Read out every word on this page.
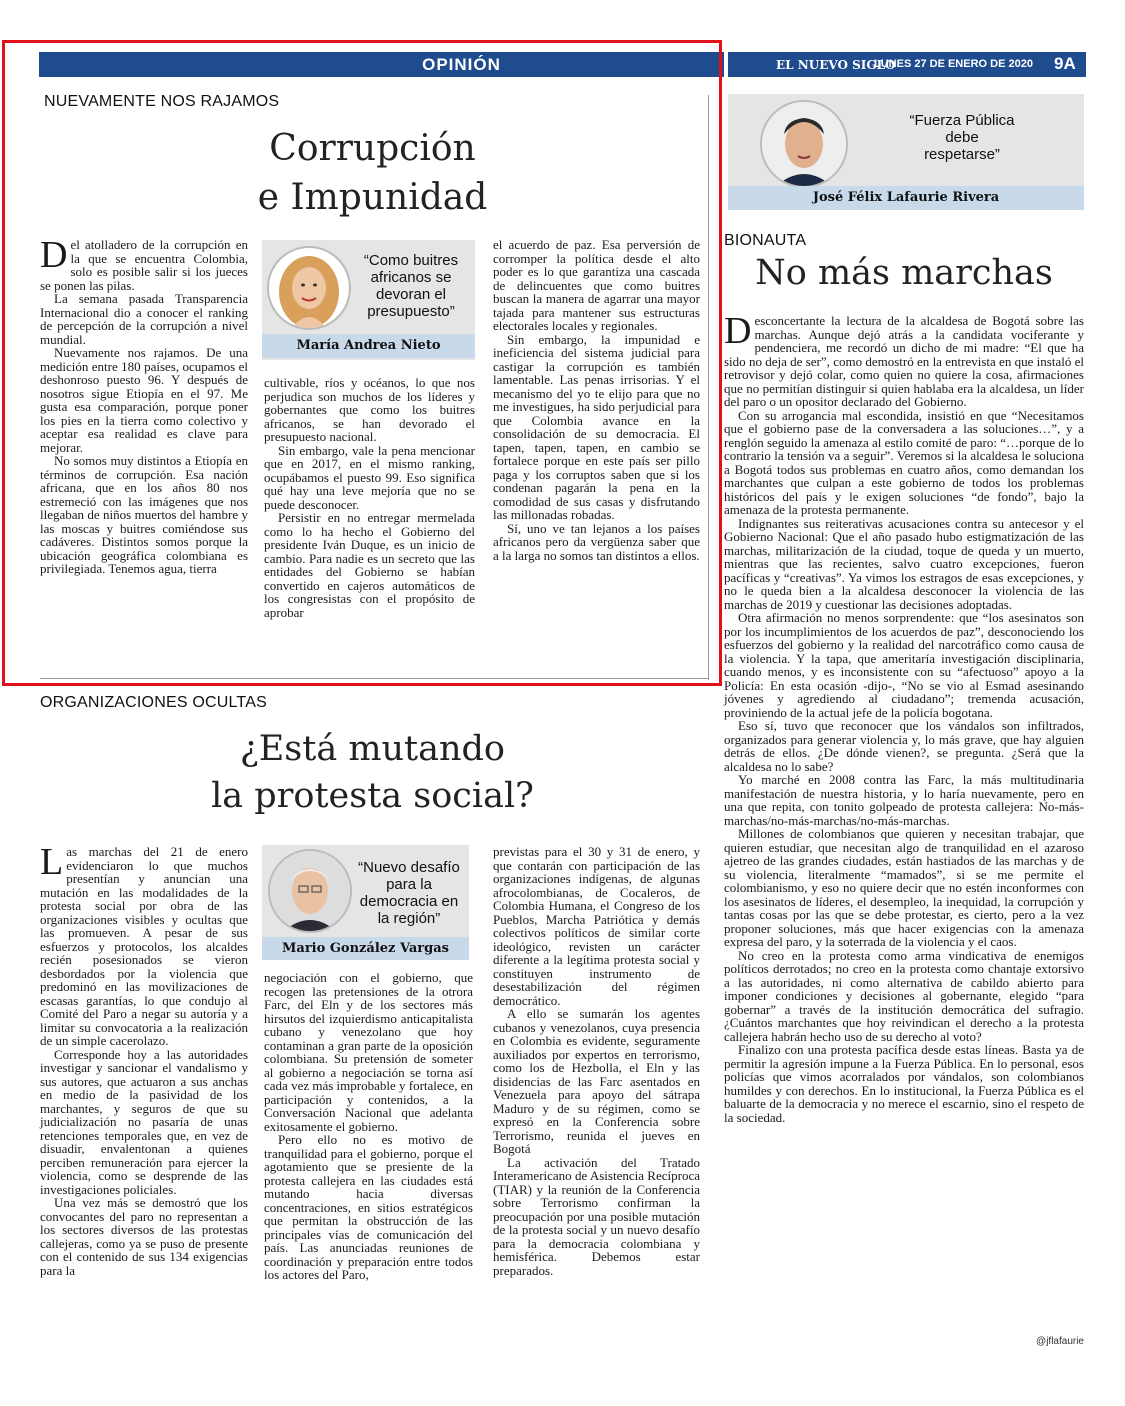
OPINIÓN	EL NUEVO SIGLO
LUNES 27 DE ENERO DE 2020 9A
NUEVAMENTE NOS RAJAMOS
Corrupción
e Impunidad

Del atolladero de la corrupción en la que se encuentra Colombia, solo es posible salir si los jueces se ponen las pilas.

La semana pasada Transparencia Internacional dio a conocer el ranking de percepción de la corrupción a nivel mundial.

Nuevamente nos rajamos. De una medición entre 180 países, ocupamos el deshonroso puesto 96. Y después de nosotros sigue Etiopía en el 97. Me gusta esa comparación, porque poner los pies en la tierra como colectivo y aceptar esa realidad es clave para mejorar.

No somos muy distintos a Etiopía en términos de corrupción. Esa nación africana, que en los años 80 nos estremeció con las imágenes que nos llegaban de niños muertos del hambre y las moscas y buitres comiéndose sus cadáveres. Distintos somos porque la ubicación geográfica colombiana es privilegiada. Tenemos agua, tierra

“Como buitres africanos se devoran el presupuesto”
María Andrea Nieto

cultivable, ríos y océanos, lo que nos perjudica son muchos de los líderes y gobernantes que como los buitres africanos, se han devorado el presupuesto nacional.

Sin embargo, vale la pena mencionar que en 2017, en el mismo ranking, ocupábamos el puesto 99. Eso significa qué hay una leve mejoría que no se puede desconocer.

Persistir en no entregar mermelada como lo ha hecho el Gobierno del presidente Iván Duque, es un inicio de cambio. Para nadie es un secreto que las entidades del Gobierno se habían convertido en cajeros automáticos de los congresistas con el propósito de aprobar

el acuerdo de paz. Esa perversión de corromper la política desde el alto poder es lo que garantiza una cascada de delincuentes que como buitres buscan la manera de agarrar una mayor tajada para mantener sus estructuras electorales locales y regionales.

Sin embargo, la impunidad e ineficiencia del sistema judicial para castigar la corrupción es también lamentable. Las penas irrisorias. Y el mecanismo del yo te elijo para que no me investigues, ha sido perjudicial para que Colombia avance en la consolidación de su democracia. El tapen, tapen, tapen, en cambio se fortalece porque en este país ser pillo paga y los corruptos saben que si los condenan pagarán la pena en la comodidad de sus casas y disfrutando las millonadas robadas.

Sí, uno ve tan lejanos a los países africanos pero da vergüenza saber que a la larga no somos tan distintos a ellos.

ORGANIZACIONES OCULTAS
¿Está mutando
la protesta social?

Las marchas del 21 de enero evidenciaron lo que muchos presentían y anuncian una mutación en las modalidades de la protesta social por obra de las organizaciones visibles y ocultas que las promueven. A pesar de sus esfuerzos y protocolos, los alcaldes recién posesionados se vieron desbordados por la violencia que predominó en las movilizaciones de escasas garantías, lo que condujo al Comité del Paro a negar su autoría y a limitar su convocatoria a la realización de un simple cacerolazo.

Corresponde hoy a las autoridades investigar y sancionar el vandalismo y sus autores, que actuaron a sus anchas en medio de la pasividad de los marchantes, y seguros de que su judicialización no pasaría de unas retenciones temporales que, en vez de disuadir, envalentonan a quienes perciben remuneración para ejercer la violencia, como se desprende de las investigaciones policiales.

Una vez más se demostró que los convocantes del paro no representan a los sectores diversos de las protestas callejeras, como ya se puso de presente con el contenido de sus 134 exigencias para la

“Nuevo desafío para la democracia en la región”
Mario González Vargas

negociación con el gobierno, que recogen las pretensiones de la otrora Farc, del Eln y de los sectores más hirsutos del izquierdismo anticapitalista cubano y venezolano que hoy contaminan a gran parte de la oposición colombiana. Su pretensión de someter al gobierno a negociación se torna así cada vez más improbable y fortalece, en participación y contenidos, a la Conversación Nacional que adelanta exitosamente el gobierno.

Pero ello no es motivo de tranquilidad para el gobierno, porque el agotamiento que se presiente de la protesta callejera en las ciudades está mutando hacia diversas concentraciones, en sitios estratégicos que permitan la obstrucción de las principales vías de comunicación del país. Las anunciadas reuniones de coordinación y preparación entre todos los actores del Paro,

previstas para el 30 y 31 de enero, y que contarán con participación de las organizaciones indígenas, de algunas afrocolombianas, de Cocaleros, de Colombia Humana, el Congreso de los Pueblos, Marcha Patriótica y demás colectivos políticos de similar corte ideológico, revisten un carácter diferente a la legítima protesta social y constituyen instrumento de desestabilización del régimen democrático.

A ello se sumarán los agentes cubanos y venezolanos, cuya presencia en Colombia es evidente, seguramente auxiliados por expertos en terrorismo, como los de Hezbolla, el Eln y las disidencias de las Farc asentados en Venezuela para apoyo del sátrapa Maduro y de su régimen, como se expresó en la Conferencia sobre Terrorismo, reunida el jueves en Bogotá

La activación del Tratado Interamericano de Asistencia Recíproca (TIAR) y la reunión de la Conferencia sobre Terrorismo confirman la preocupación por una posible mutación de la protesta social y un nuevo desafío para la democracia colombiana y hemisférica. Debemos estar preparados.

“Fuerza Pública debe respetarse”
José Félix Lafaurie Rivera
BIONAUTA
No más marchas

Desconcertante la lectura de la alcaldesa de Bogotá sobre las marchas. Aunque dejó atrás a la candidata vociferante y pendenciera, me recordó un dicho de mi madre: “El que ha sido no deja de ser”, como demostró en la entrevista en que instaló el retrovisor y dejó colar, como quien no quiere la cosa, afirmaciones que no permitían distinguir si quien hablaba era la alcaldesa, un líder del paro o un opositor declarado del Gobierno.

Con su arrogancia mal escondida, insistió en que “Necesitamos que el gobierno pase de la conversadera a las soluciones…”, y a renglón seguido la amenaza al estilo comité de paro: “…porque de lo contrario la tensión va a seguir”. Veremos si la alcaldesa le soluciona a Bogotá todos sus problemas en cuatro años, como demandan los marchantes que culpan a este gobierno de todos los problemas históricos del país y le exigen soluciones “de fondo”, bajo la amenaza de la protesta permanente.

Indignantes sus reiterativas acusaciones contra su antecesor y el Gobierno Nacional: Que el año pasado hubo estigmatización de las marchas, militarización de la ciudad, toque de queda y un muerto, mientras que las recientes, salvo cuatro excepciones, fueron pacíficas y “creativas”. Ya vimos los estragos de esas excepciones, y no le queda bien a la alcaldesa desconocer la violencia de las marchas de 2019 y cuestionar las decisiones adoptadas.

Otra afirmación no menos sorprendente: que “los asesinatos son por los incumplimientos de los acuerdos de paz”, desconociendo los esfuerzos del gobierno y la realidad del narcotráfico como causa de la violencia. Y la tapa, que ameritaría investigación disciplinaria, cuando menos, y es inconsistente con su “afectuoso” apoyo a la Policía: En esta ocasión -dijo-, “No se vio al Esmad asesinando jóvenes y agrediendo al ciudadano”; tremenda acusación, proviniendo de la actual jefe de la policía bogotana.

Eso sí, tuvo que reconocer que los vándalos son infiltrados, organizados para generar violencia y, lo más grave, que hay alguien detrás de ellos. ¿De dónde vienen?, se pregunta. ¿Será que la alcaldesa no lo sabe?

Yo marché en 2008 contra las Farc, la más multitudinaria manifestación de nuestra historia, y lo haría nuevamente, pero en una que repita, con tonito golpeado de protesta callejera: No-más-marchas/no-más-marchas/no-más-marchas.

Millones de colombianos que quieren y necesitan trabajar, que quieren estudiar, que necesitan algo de tranquilidad en el azaroso ajetreo de las grandes ciudades, están hastiados de las marchas y de su violencia, literalmente “mamados”, si se me permite el colombianismo, y eso no quiere decir que no estén inconformes con los asesinatos de líderes, el desempleo, la inequidad, la corrupción y tantas cosas por las que se debe protestar, es cierto, pero a la vez proponer soluciones, más que hacer exigencias con la amenaza expresa del paro, y la soterrada de la violencia y el caos.

No creo en la protesta como arma vindicativa de enemigos políticos derrotados; no creo en la protesta como chantaje extorsivo a las autoridades, ni como alternativa de cabildo abierto para imponer condiciones y decisiones al gobernante, elegido “para gobernar” a través de la institución democrática del sufragio. ¿Cuántos marchantes que hoy reivindican el derecho a la protesta callejera habrán hecho uso de su derecho al voto?

Finalizo con una protesta pacífica desde estas líneas. Basta ya de permitir la agresión impune a la Fuerza Pública. En lo personal, esos policías que vimos acorralados por vándalos, son colombianos humildes y con derechos. En lo institucional, la Fuerza Pública es el baluarte de la democracia y no merece el escarnio, sino el respeto de la sociedad.

@jflafaurie
